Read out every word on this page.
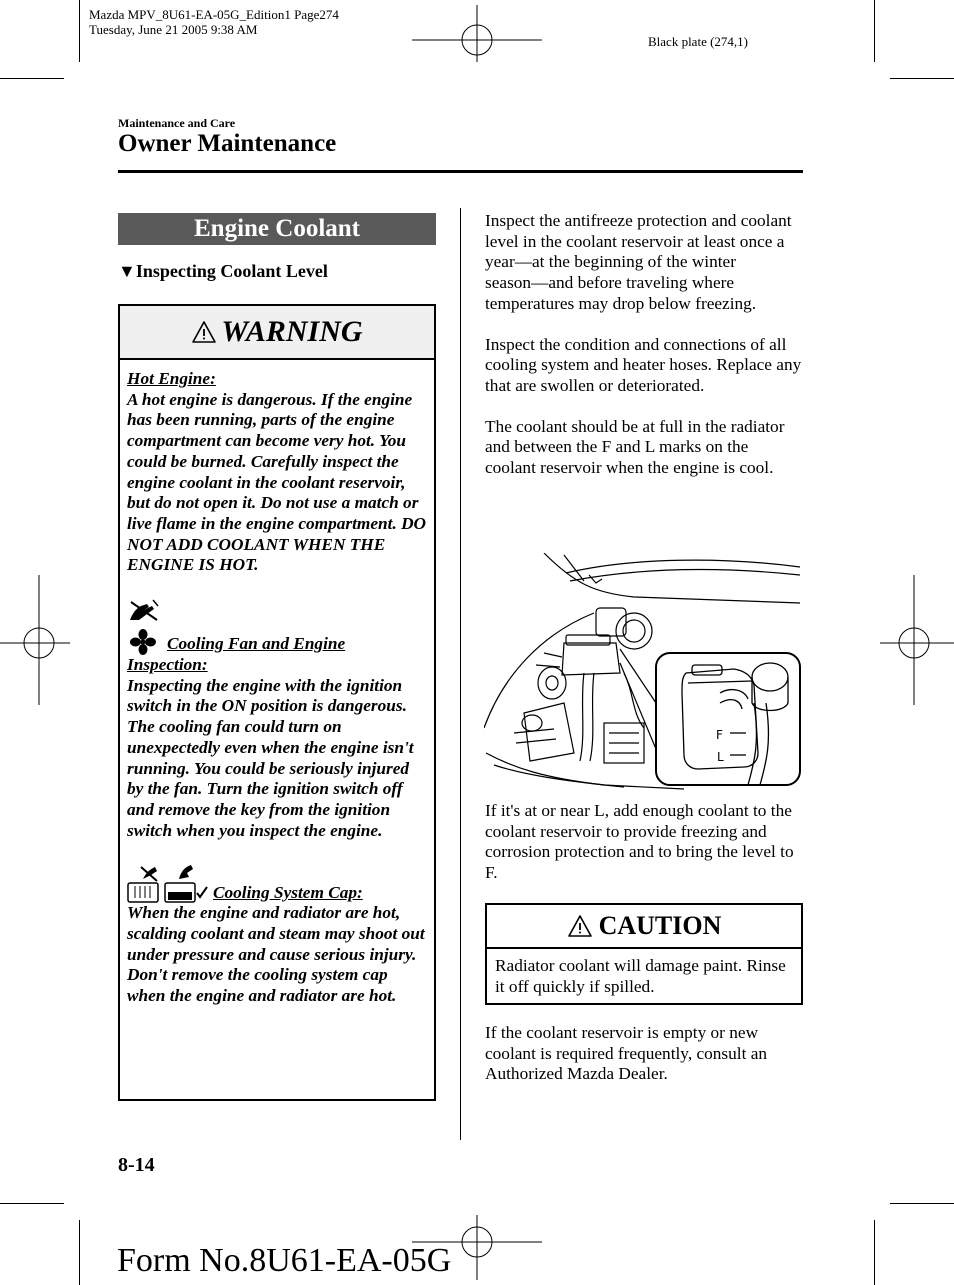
Mazda MPV_8U61-EA-05G_Edition1 Page274
Tuesday, June 21 2005 9:38 AM
Black plate (274,1)
Maintenance and Care
Owner Maintenance
Engine Coolant
▼Inspecting Coolant Level
WARNING

Hot Engine:

A hot engine is dangerous. If the engine has been running, parts of the engine compartment can become very hot. You could be burned. Carefully inspect the engine coolant in the coolant reservoir, but do not open it. Do not use a match or live flame in the engine compartment. DO NOT ADD COOLANT WHEN THE ENGINE IS HOT.

Cooling Fan and Engine

Inspection:

Inspecting the engine with the ignition switch in the ON position is dangerous. The cooling fan could turn on unexpectedly even when the engine isn't running. You could be seriously injured by the fan. Turn the ignition switch off and remove the key from the ignition switch when you inspect the engine.

Cooling System Cap:

When the engine and radiator are hot, scalding coolant and steam may shoot out under pressure and cause serious injury. Don't remove the cooling system cap when the engine and radiator are hot.

Inspect the antifreeze protection and coolant level in the coolant reservoir at least once a year―at the beginning of the winter season―and before traveling where temperatures may drop below freezing.

Inspect the condition and connections of all cooling system and heater hoses. Replace any that are swollen or deteriorated.

The coolant should be at full in the radiator and between the F and L marks on the coolant reservoir when the engine is cool.

F
L

If it's at or near L, add enough coolant to the coolant reservoir to provide freezing and corrosion protection and to bring the level to F.

CAUTION

Radiator coolant will damage paint. Rinse it off quickly if spilled.

If the coolant reservoir is empty or new coolant is required frequently, consult an Authorized Mazda Dealer.

8-14
Form No.8U61-EA-05G
